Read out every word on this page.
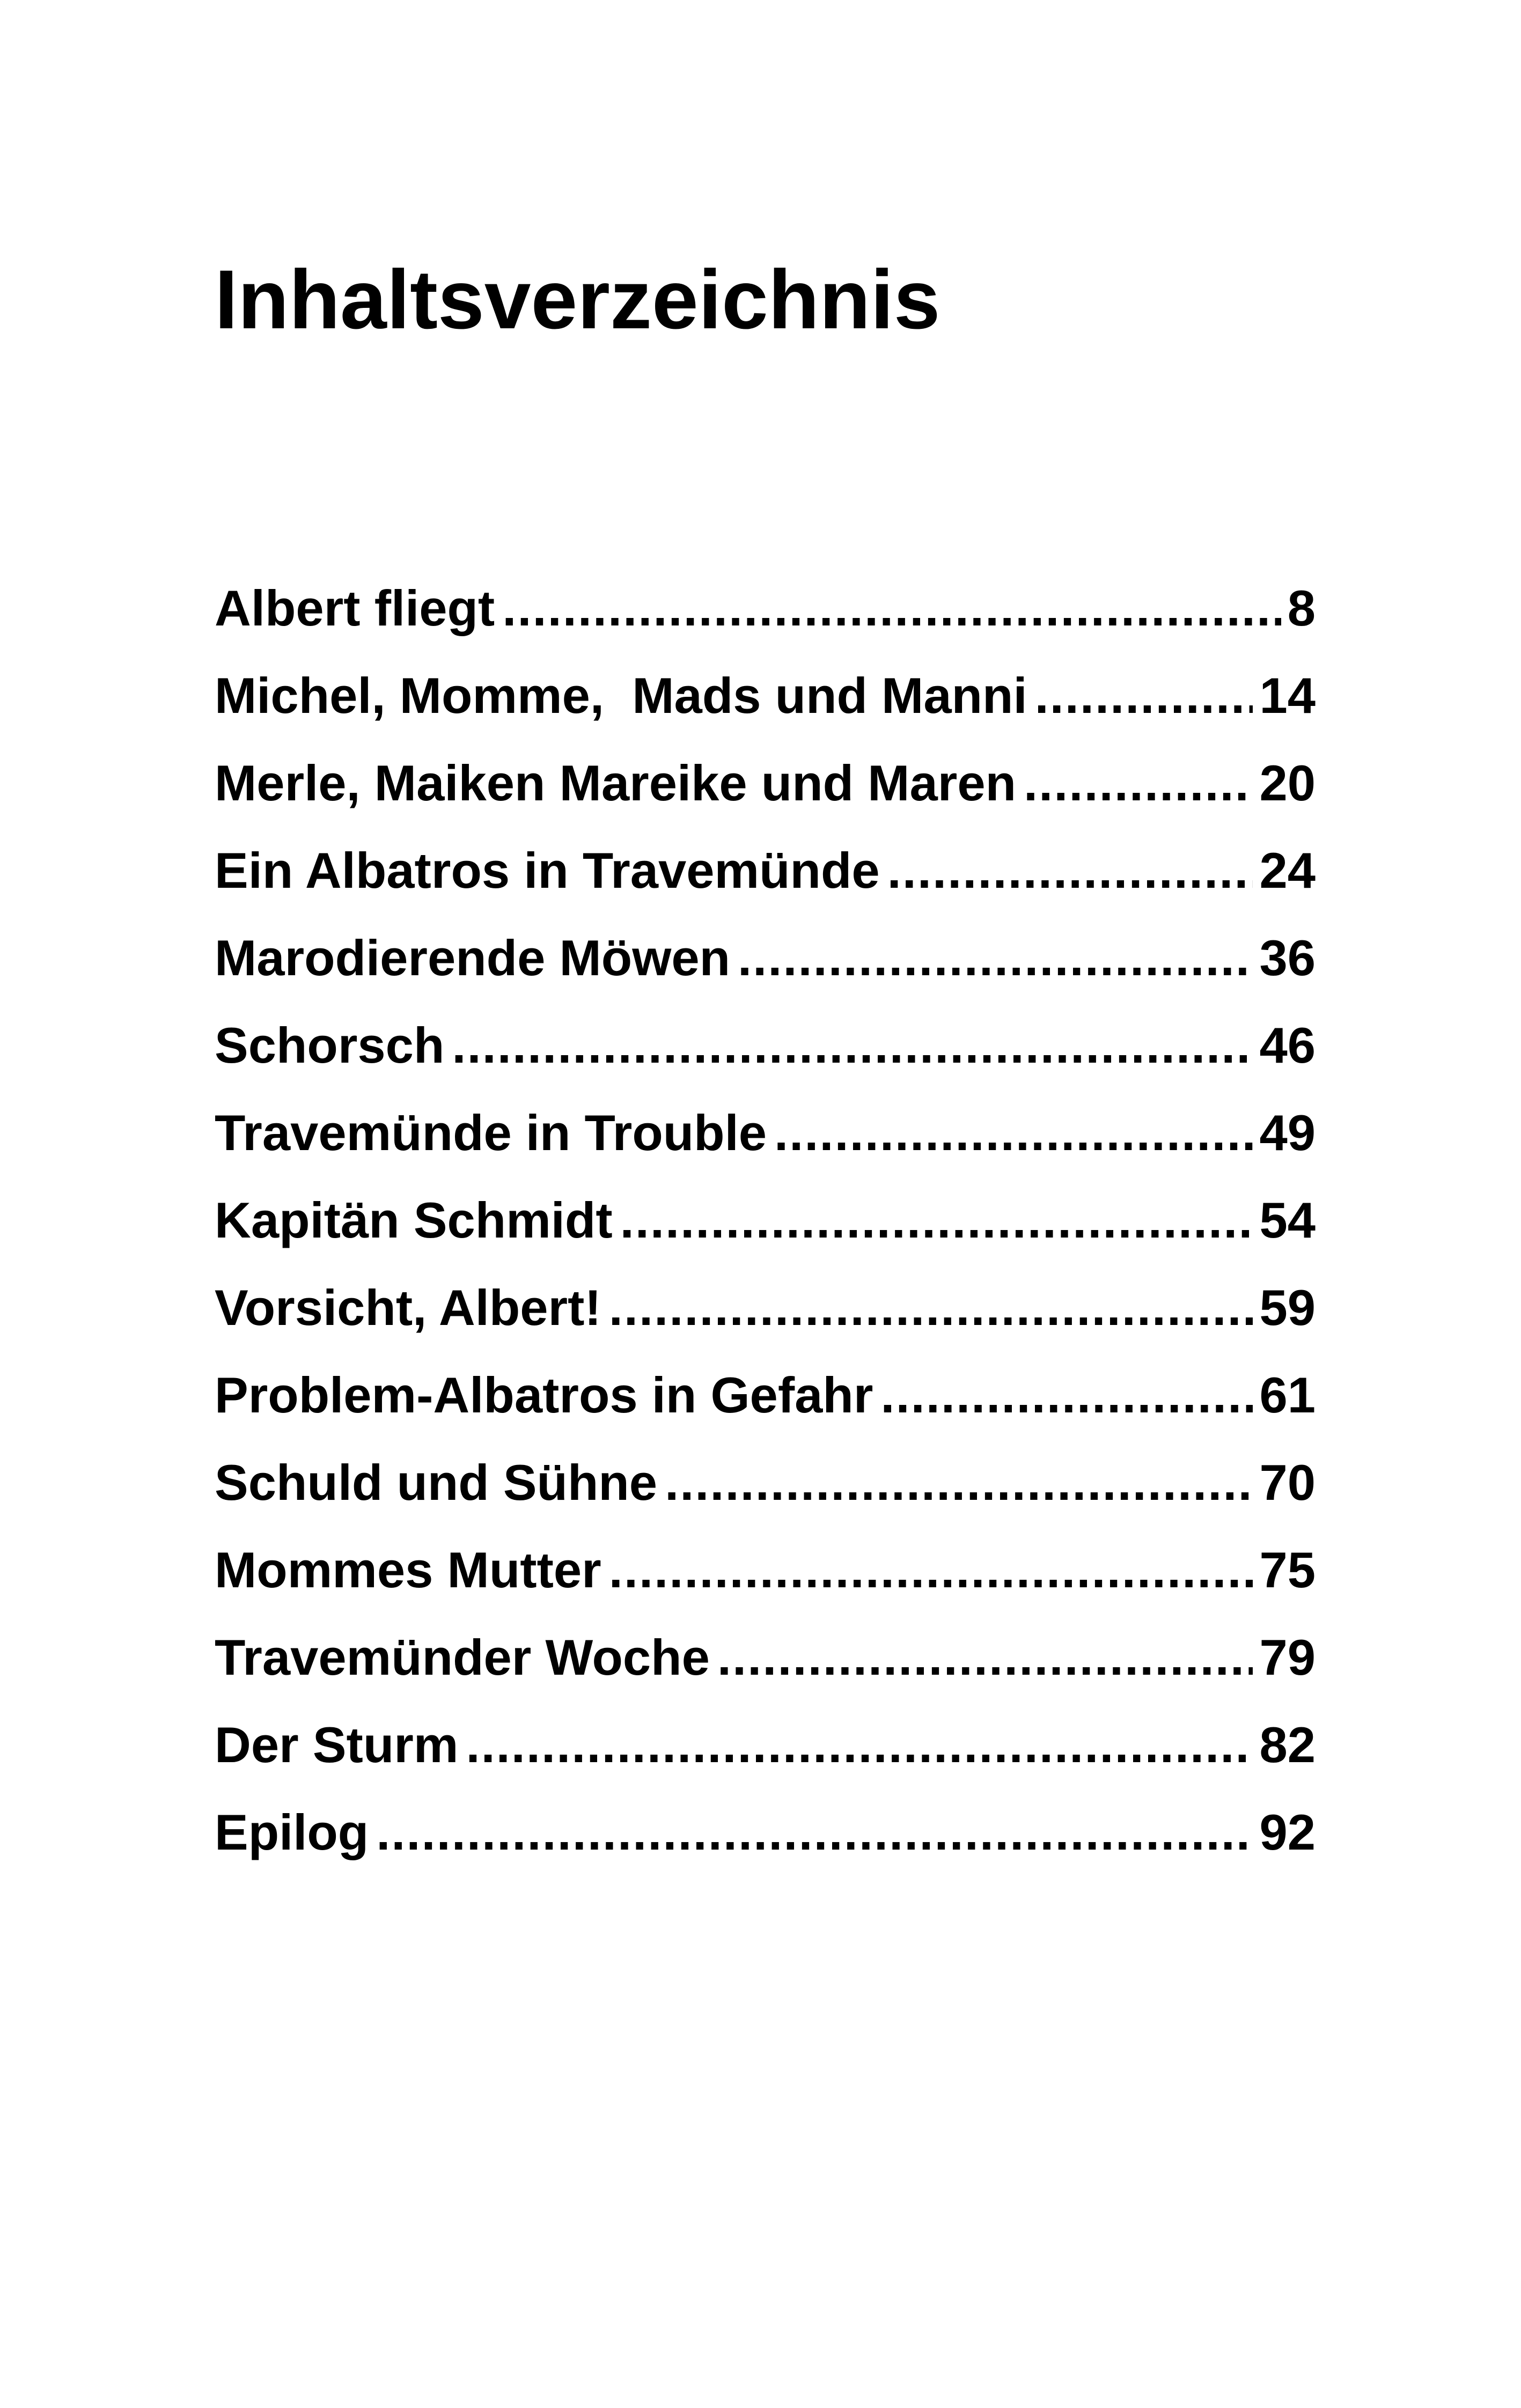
Inhaltsverzeichnis
Albert fliegt .....	8
Michel, Momme,  Mads und Manni .....	14
Merle, Maiken Mareike und Maren .....	20
Ein Albatros in Travemünde .....	24
Marodierende Möwen .....	36
Schorsch .....	46
Travemünde in Trouble .....	49
Kapitän Schmidt .....	54
Vorsicht, Albert! .....	59
Problem-Albatros in Gefahr .....	61
Schuld und Sühne .....	70
Mommes Mutter .....	75
Travemünder Woche .....	79
Der Sturm .....	82
Epilog .....	92
